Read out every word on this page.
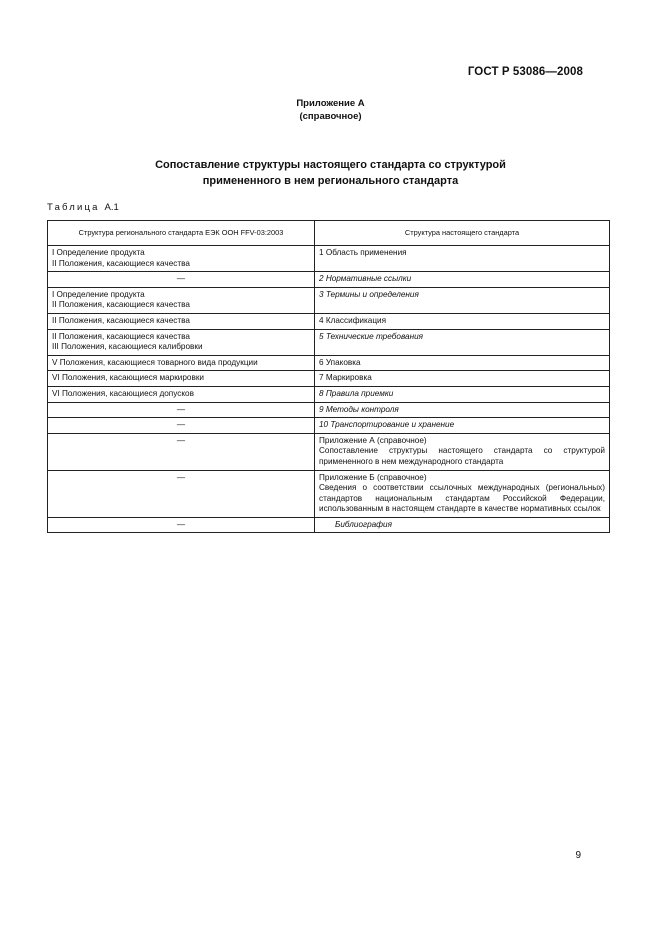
ГОСТ Р 53086—2008
Приложение А
(справочное)
Сопоставление структуры настоящего стандарта со структурой
примененного в нем регионального стандарта
Таблица А.1
Структура регионального стандарта ЕЭК ООН FFV-03:2003	Структура настоящего стандарта

I Определение продукта
II Положения, касающиеся качества	1 Область применения
—	2 Нормативные ссылки

I Определение продукта
II Положения, касающиеся качества	3 Термины и определения

II Положения, касающиеся качества	4 Классификация

II Положения, касающиеся качества
III Положения, касающиеся калибровки	5 Технические требования

V Положения, касающиеся товарного вида продукции	6 Упаковка

VI Положения, касающиеся маркировки	7 Маркировка

VI Положения, касающиеся допусков	8 Правила приемки
—	9 Методы контроля
—	10 Транспортирование и хранение
—	Приложение А (справочное)
Сопоставление структуры настоящего стандарта со структурой примененного в нем международного стандарта

—	Приложение Б (справочное)
Сведения о соответствии ссылочных международных (региональных) стандартов национальным стандартам Российской Федерации, использованным в настоящем стандарте в качестве нормативных ссылок

—	Библиография
9
